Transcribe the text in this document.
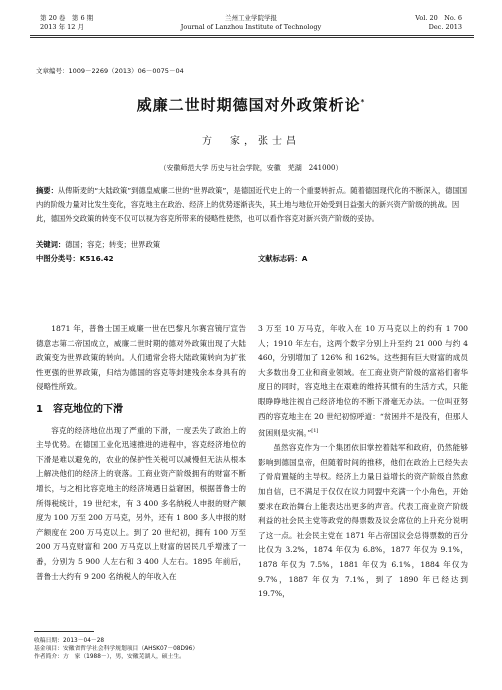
第 20 卷　第 6 期
2013 年 12 月
兰州工业学院学报
Journal of Lanzhou Institute of Technology
Vol. 20　No. 6
Dec. 2013
文章编号：1009－2269（2013）06－0075－04
威廉二世时期德国对外政策析论*
方　家，张士昌
（安徽师范大学 历史与社会学院，安徽　芜湖　241000）
摘要：从俾斯麦的“大陆政策”到德皇威廉二世的“世界政策”，是德国近代史上的一个重要转折点。随着德国现代化的不断深入，德国国内的阶级力量对比发生变化，容克地主在政治、经济上的优势逐渐丧失，其土地与地位开始受到日益强大的新兴资产阶级的挑战。因此，德国外交政策的转变不仅可以视为容克所带来的侵略性使然，也可以看作容克对新兴资产阶级的妥协。
关键词：德国；容克；转变；世界政策
中图分类号：K516.42	文献标志码：A

1871 年，普鲁士国王威廉一世在巴黎凡尔赛宫镜厅宣告德意志第二帝国成立，威廉二世时期的德对外政策出现了大陆政策变为世界政策的转向。人们通常会将大陆政策转向为扩张性更强的世界政策，归结为德国的容克等封建残余本身具有的侵略性所致。

1　容克地位的下滑

容克的经济地位出现了严重的下滑，一度丢失了政治上的主导优势。在德国工业化迅速推进的进程中，容克经济地位的下滑是难以避免的，农业的保护性关税可以减慢但无法从根本上解决他们的经济上的衰落。工商业资产阶级拥有的财富不断增长，与之相比容克地主的经济境遇日益窘困，根据普鲁士的所得税统计，19 世纪末，有 3 400 多名纳税人申报的财产额度为 100 万至 200 万马克，另外，还有 1 800 多人申报的财产额度在 200 万马克以上。到了 20 世纪初，拥有 100 万至 200 万马克财富和 200 万马克以上财富的居民几乎增涨了一番，分别为 5 900 人左右和 3 400 人左右。1895 年前后，普鲁士大约有 9 200 名纳税人的年收入在

3 万至 10 万马克，年收入在 10 万马克以上的约有 1 700 人；1910 年左右，这两个数字分别上升至约 21 000 与约 4 460，分别增加了 126% 和 162%。这些拥有巨大财富的成员大多数出身工业和商业领域。在工商业资产阶级的富裕们奢华度日的同时，容克地主在艰难的维持其惯有的生活方式，只能眼睁睁地注视自己经济地位的不断下滑毫无办法。一位叫亚努西的容克地主在 20 世纪初惊呼道：“贫困并不是没有，但那人贫困则是灾祸。”[1]

虽然容克作为一个集团依旧掌控着陆军和政府，仍然能够影响到德国皇帝，但随着时间的推移，他们在政治上已经失去了骨肩置疑的主导权。经济上力量日益增长的资产阶级自然愈加自信，已不满足于仅仅在议力同盟中充满一个小角色，开始要求在政治舞台上能表达出更多的声音。代表工商业资产阶级利益的社会民主党等政党的得票数及议会席位的上升充分说明了这一点。社会民主党在 1871 年占帝国议会总得票数的百分比仅为 3.2%，1874 年仅为 6.8%，1877 年仅为 9.1%，1878 年仅为 7.5%，1881 年仅为 6.1%，1884 年仅为 9.7%，1887 年仅为 7.1%，到了 1890 年已经达到 19.7%，

收稿日期：2013－04－28
基金项目：安徽省哲学社会科学规划项目（AHSK07－08D96）
作者简介：方　家（1988－），男，安徽芜湖人，硕士生。
